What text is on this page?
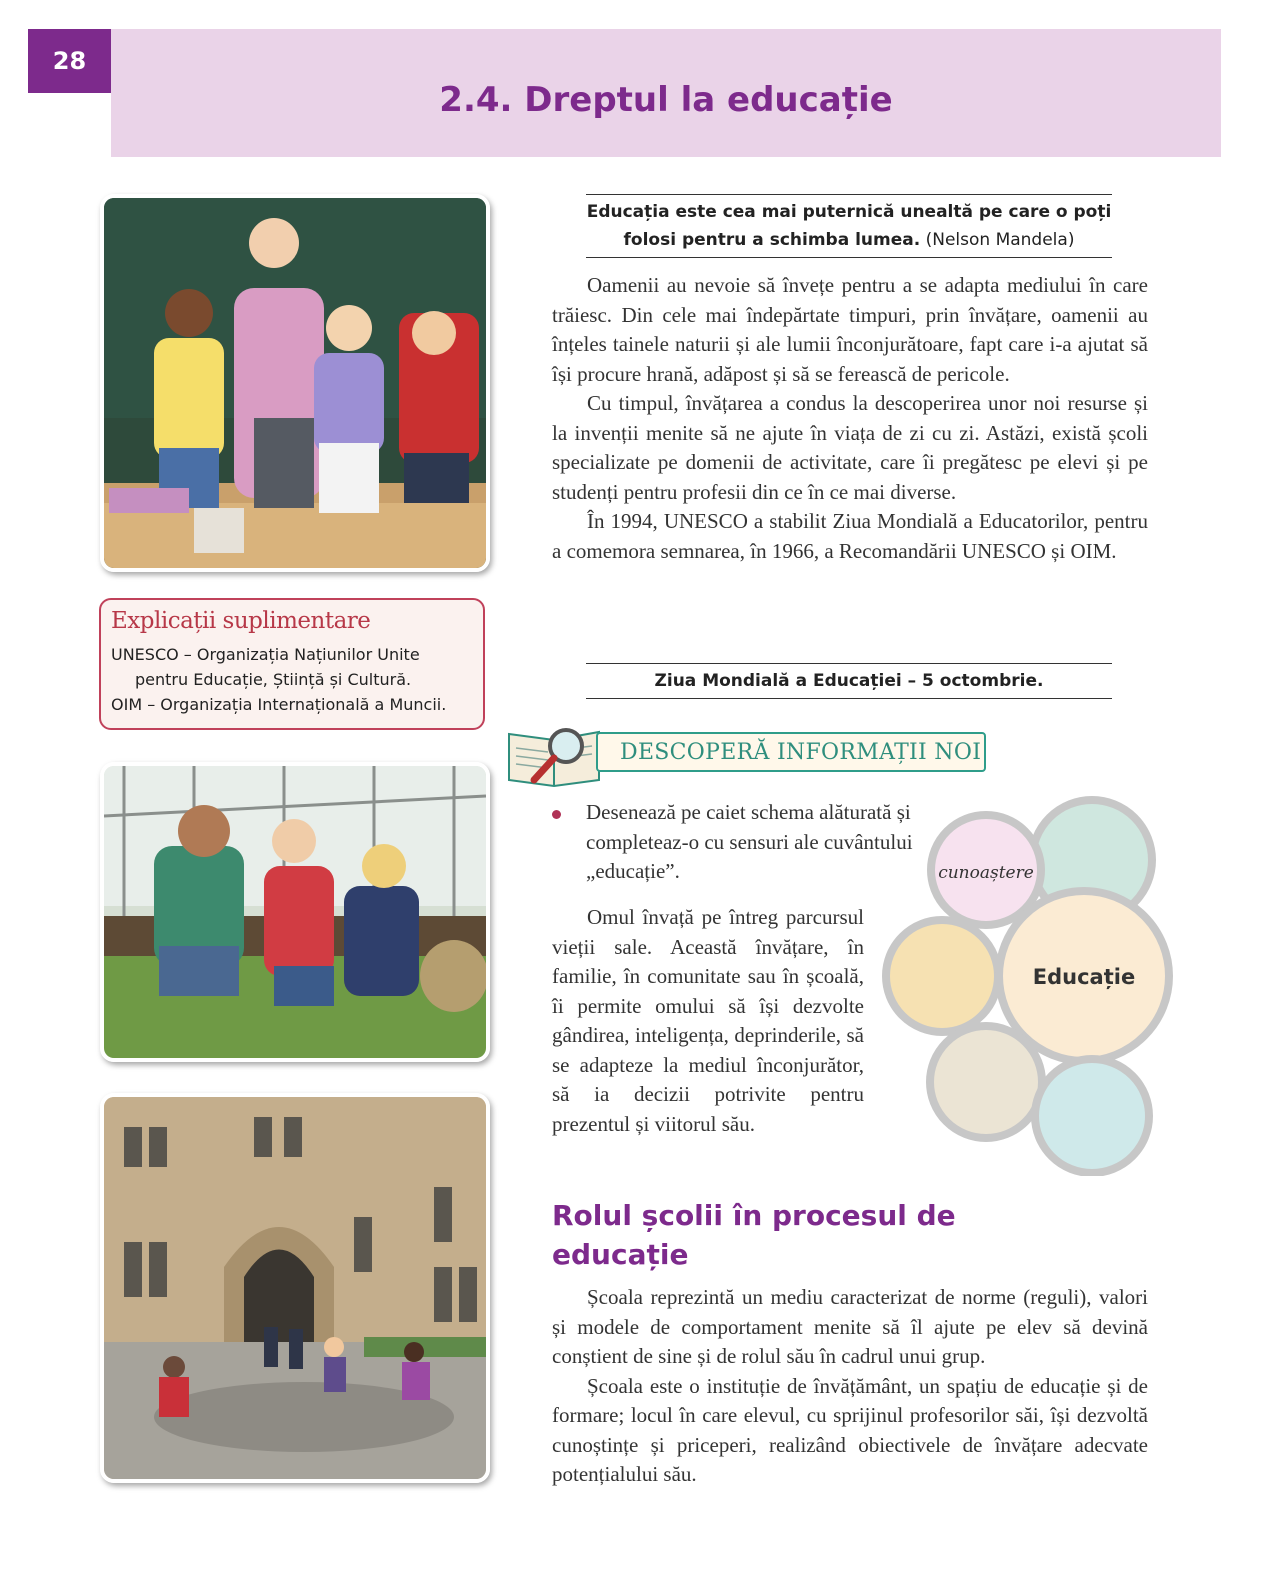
28
2.4. Dreptul la educație
Explicații suplimentare
UNESCO – Organizația Națiunilor Unite
pentru Educație, Știință și Cultură.
OIM – Organizația Internațională a Muncii.
Educația este cea mai puternică unealtă pe care o poți folosi pentru a schimba lumea. (Nelson Mandela)

Oamenii au nevoie să învețe pentru a se adapta mediului în care trăiesc. Din cele mai îndepărtate timpuri, prin învățare, oamenii au înțeles tainele naturii și ale lumii înconjurătoare, fapt care i-a ajutat să își procure hrană, adăpost și să se ferească de pericole.

Cu timpul, învățarea a condus la descoperirea unor noi resurse și la invenții menite să ne ajute în viața de zi cu zi. Astăzi, există școli specializate pe domenii de activitate, care îi pregătesc pe elevi și pe studenți pentru profesii din ce în ce mai diverse.

În 1994, UNESCO a stabilit Ziua Mondială a Educatorilor, pentru a comemora semnarea, în 1966, a Recomandării UNESCO și OIM.

Ziua Mondială a Educației – 5 octombrie.
DESCOPERĂ INFORMAȚII NOI
Desenează pe caiet schema alăturată și completeaz-o cu sensuri ale cuvântului „educație”.

Omul învață pe întreg parcursul vieții sale. Această învățare, în familie, în comunitate sau în școală, îi permite omului să își dezvolte gândirea, inteligența, deprinderile, să se adapteze la mediul înconjurător, să ia decizii potrivite pentru prezentul și viitorul său.

cunoaștere
Educație
Rolul școlii în procesul de educație

Școala reprezintă un mediu caracterizat de norme (reguli), valori și modele de comportament menite să îl ajute pe elev să devină conștient de sine și de rolul său în cadrul unui grup.

Școala este o instituție de învățământ, un spațiu de educație și de formare; locul în care elevul, cu sprijinul profesorilor săi, își dezvoltă cunoștințe și priceperi, realizând obiectivele de învățare adecvate potențialului său.
